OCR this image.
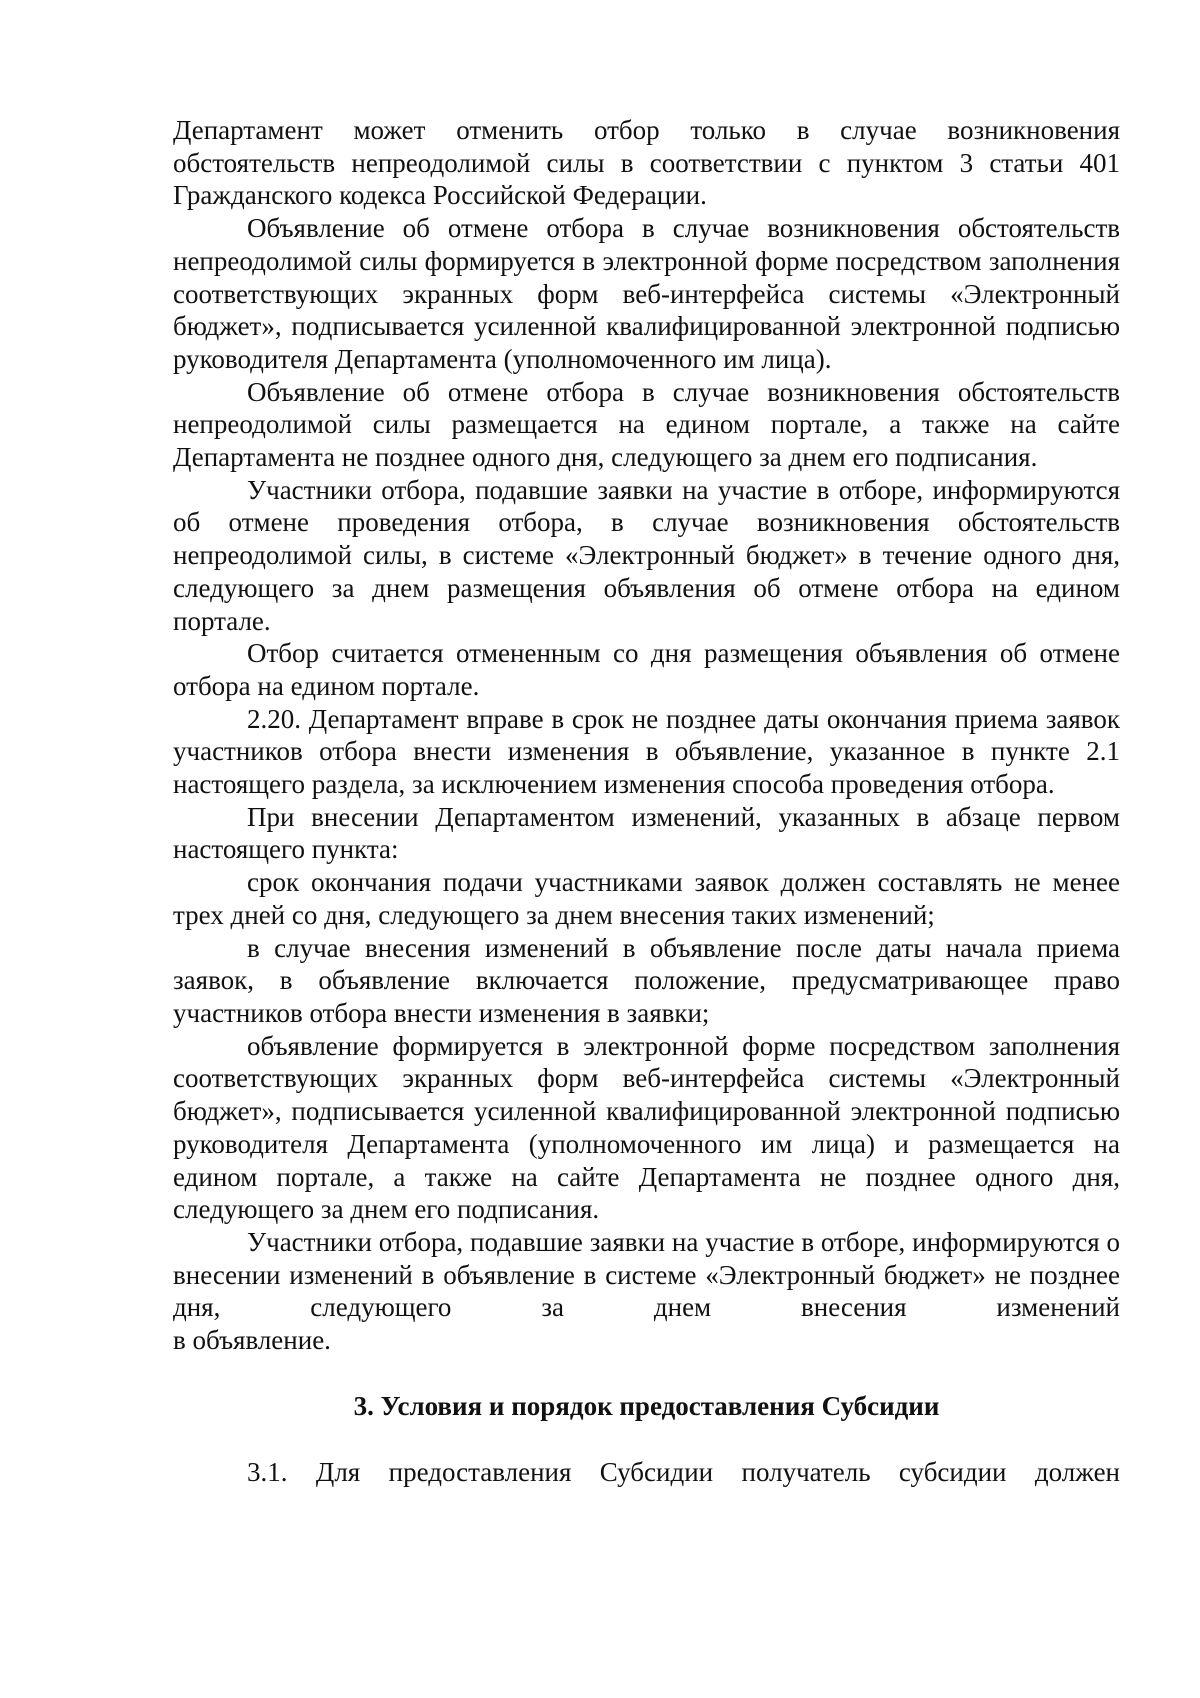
Департамент может отменить отбор только в случае возникновения обстоятельств непреодолимой силы в соответствии с пунктом 3 статьи 401 Гражданского кодекса Российской Федерации.

Объявление об отмене отбора в случае возникновения обстоятельств непреодолимой силы формируется в электронной форме посредством заполнения соответствующих экранных форм веб-интерфейса системы «Электронный бюджет», подписывается усиленной квалифицированной электронной подписью руководителя Департамента (уполномоченного им лица).

Объявление об отмене отбора в случае возникновения обстоятельств непреодолимой силы размещается на едином портале, а также на сайте Департамента не позднее одного дня, следующего за днем его подписания.

Участники отбора, подавшие заявки на участие в отборе, информируются об отмене проведения отбора, в случае возникновения обстоятельств непреодолимой силы, в системе «Электронный бюджет» в течение одного дня, следующего за днем размещения объявления об отмене отбора на едином портале.

Отбор считается отмененным со дня размещения объявления об отмене отбора на едином портале.

2.20. Департамент вправе в срок не позднее даты окончания приема заявок участников отбора внести изменения в объявление, указанное в пункте 2.1 настоящего раздела, за исключением изменения способа проведения отбора.

При внесении Департаментом изменений, указанных в абзаце первом настоящего пункта:

срок окончания подачи участниками заявок должен составлять не менее трех дней со дня, следующего за днем внесения таких изменений;

в случае внесения изменений в объявление после даты начала приема заявок, в объявление включается положение, предусматривающее право участников отбора внести изменения в заявки;

объявление формируется в электронной форме посредством заполнения соответствующих экранных форм веб-интерфейса системы «Электронный бюджет», подписывается усиленной квалифицированной электронной подписью руководителя Департамента (уполномоченного им лица) и размещается на едином портале, а также на сайте Департамента не позднее одного дня, следующего за днем его подписания.

Участники отбора, подавшие заявки на участие в отборе, информируются о внесении изменений в объявление в системе «Электронный бюджет» не позднее дня, следующего за днем внесения изменений

в объявление.

3. Условия и порядок предоставления Субсидии

3.1. Для предоставления Субсидии получатель субсидии должен
